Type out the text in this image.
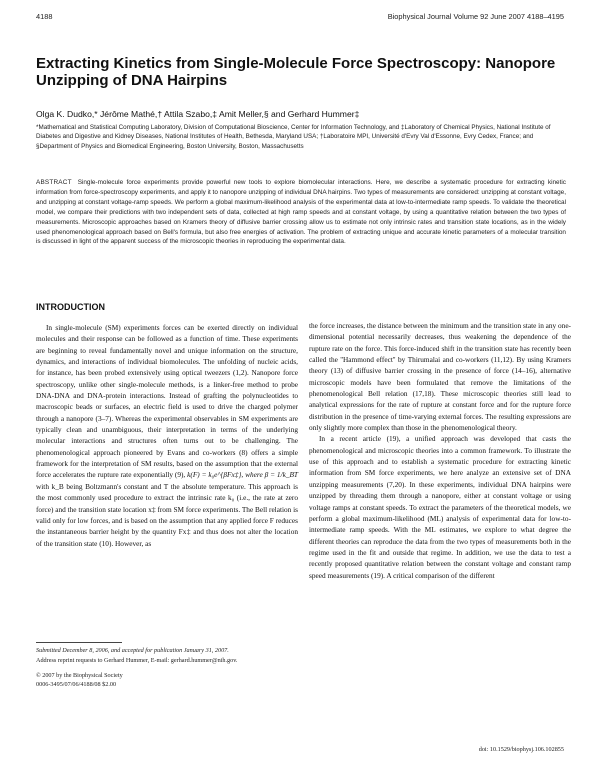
4188	Biophysical Journal Volume 92 June 2007 4188–4195
Extracting Kinetics from Single-Molecule Force Spectroscopy: Nanopore Unzipping of DNA Hairpins
Olga K. Dudko,* Jérôme Mathé,† Attila Szabo,‡ Amit Meller,§ and Gerhard Hummer‡
*Mathematical and Statistical Computing Laboratory, Division of Computational Bioscience, Center for Information Technology, and ‡Laboratory of Chemical Physics, National Institute of Diabetes and Digestive and Kidney Diseases, National Institutes of Health, Bethesda, Maryland USA; †Laboratoire MPI, Université d'Evry Val d'Essonne, Evry Cedex, France; and §Department of Physics and Biomedical Engineering, Boston University, Boston, Massachusetts
ABSTRACT Single-molecule force experiments provide powerful new tools to explore biomolecular interactions. Here, we describe a systematic procedure for extracting kinetic information from force-spectroscopy experiments, and apply it to nanopore unzipping of individual DNA hairpins. Two types of measurements are considered: unzipping at constant voltage, and unzipping at constant voltage-ramp speeds. We perform a global maximum-likelihood analysis of the experimental data at low-to-intermediate ramp speeds. To validate the theoretical model, we compare their predictions with two independent sets of data, collected at high ramp speeds and at constant voltage, by using a quantitative relation between the two types of measurements. Microscopic approaches based on Kramers theory of diffusive barrier crossing allow us to estimate not only intrinsic rates and transition state locations, as in the widely used phenomenological approach based on Bell's formula, but also free energies of activation. The problem of extracting unique and accurate kinetic parameters of a molecular transition is discussed in light of the apparent success of the microscopic theories in reproducing the experimental data.
INTRODUCTION

In single-molecule (SM) experiments forces can be exerted directly on individual molecules and their response can be followed as a function of time. These experiments are beginning to reveal fundamentally novel and unique information on the structure, dynamics, and interactions of individual biomolecules. The unfolding of nucleic acids, for instance, has been probed extensively using optical tweezers (1,2). Nanopore force spectroscopy, unlike other single-molecule methods, is a linker-free method to probe DNA-DNA and DNA-protein interactions. Instead of grafting the polynucleotides to macroscopic beads or surfaces, an electric field is used to drive the charged polymer through a nanopore (3–7). Whereas the experimental observables in SM experiments are typically clean and unambiguous, their interpretation in terms of the underlying molecular interactions and structures often turns out to be challenging. The phenomenological approach pioneered by Evans and co-workers (8) offers a simple framework for the interpretation of SM results, based on the assumption that the external force accelerates the rupture rate exponentially (9), k(F) = k₀e^{βFx‡}, where β = 1/k_BT with k_B being Boltzmann's constant and T the absolute temperature. This approach is the most commonly used procedure to extract the intrinsic rate k₀ (i.e., the rate at zero force) and the transition state location x‡ from SM force experiments. The Bell relation is valid only for low forces, and is based on the assumption that any applied force F reduces the instantaneous barrier height by the quantity Fx‡ and thus does not alter the location of the transition state (10). However, as

the force increases, the distance between the minimum and the transition state in any one-dimensional potential necessarily decreases, thus weakening the dependence of the rupture rate on the force. This force-induced shift in the transition state has recently been called the ''Hammond effect'' by Thirumalai and co-workers (11,12). By using Kramers theory (13) of diffusive barrier crossing in the presence of force (14–16), alternative microscopic models have been formulated that remove the limitations of the phenomenological Bell relation (17,18). These microscopic theories still lead to analytical expressions for the rate of rupture at constant force and for the rupture force distribution in the presence of time-varying external forces. The resulting expressions are only slightly more complex than those in the phenomenological theory.

In a recent article (19), a unified approach was developed that casts the phenomenological and microscopic theories into a common framework. To illustrate the use of this approach and to establish a systematic procedure for extracting kinetic information from SM force experiments, we here analyze an extensive set of DNA unzipping measurements (7,20). In these experiments, individual DNA hairpins were unzipped by threading them through a nanopore, either at constant voltage or using voltage ramps at constant speeds. To extract the parameters of the theoretical models, we perform a global maximum-likelihood (ML) analysis of experimental data for low-to-intermediate ramp speeds. With the ML estimates, we explore to what degree the different theories can reproduce the data from the two types of measurements both in the regime used in the fit and outside that regime. In addition, we use the data to test a recently proposed quantitative relation between the constant voltage and constant ramp speed measurements (19). A critical comparison of the different

Submitted December 8, 2006, and accepted for publication January 31, 2007.
Address reprint requests to Gerhard Hummer, E-mail: gerhard.hummer@nih.gov.
© 2007 by the Biophysical Society
0006-3495/07/06/4188/08 $2.00
doi: 10.1529/biophysj.106.102855
